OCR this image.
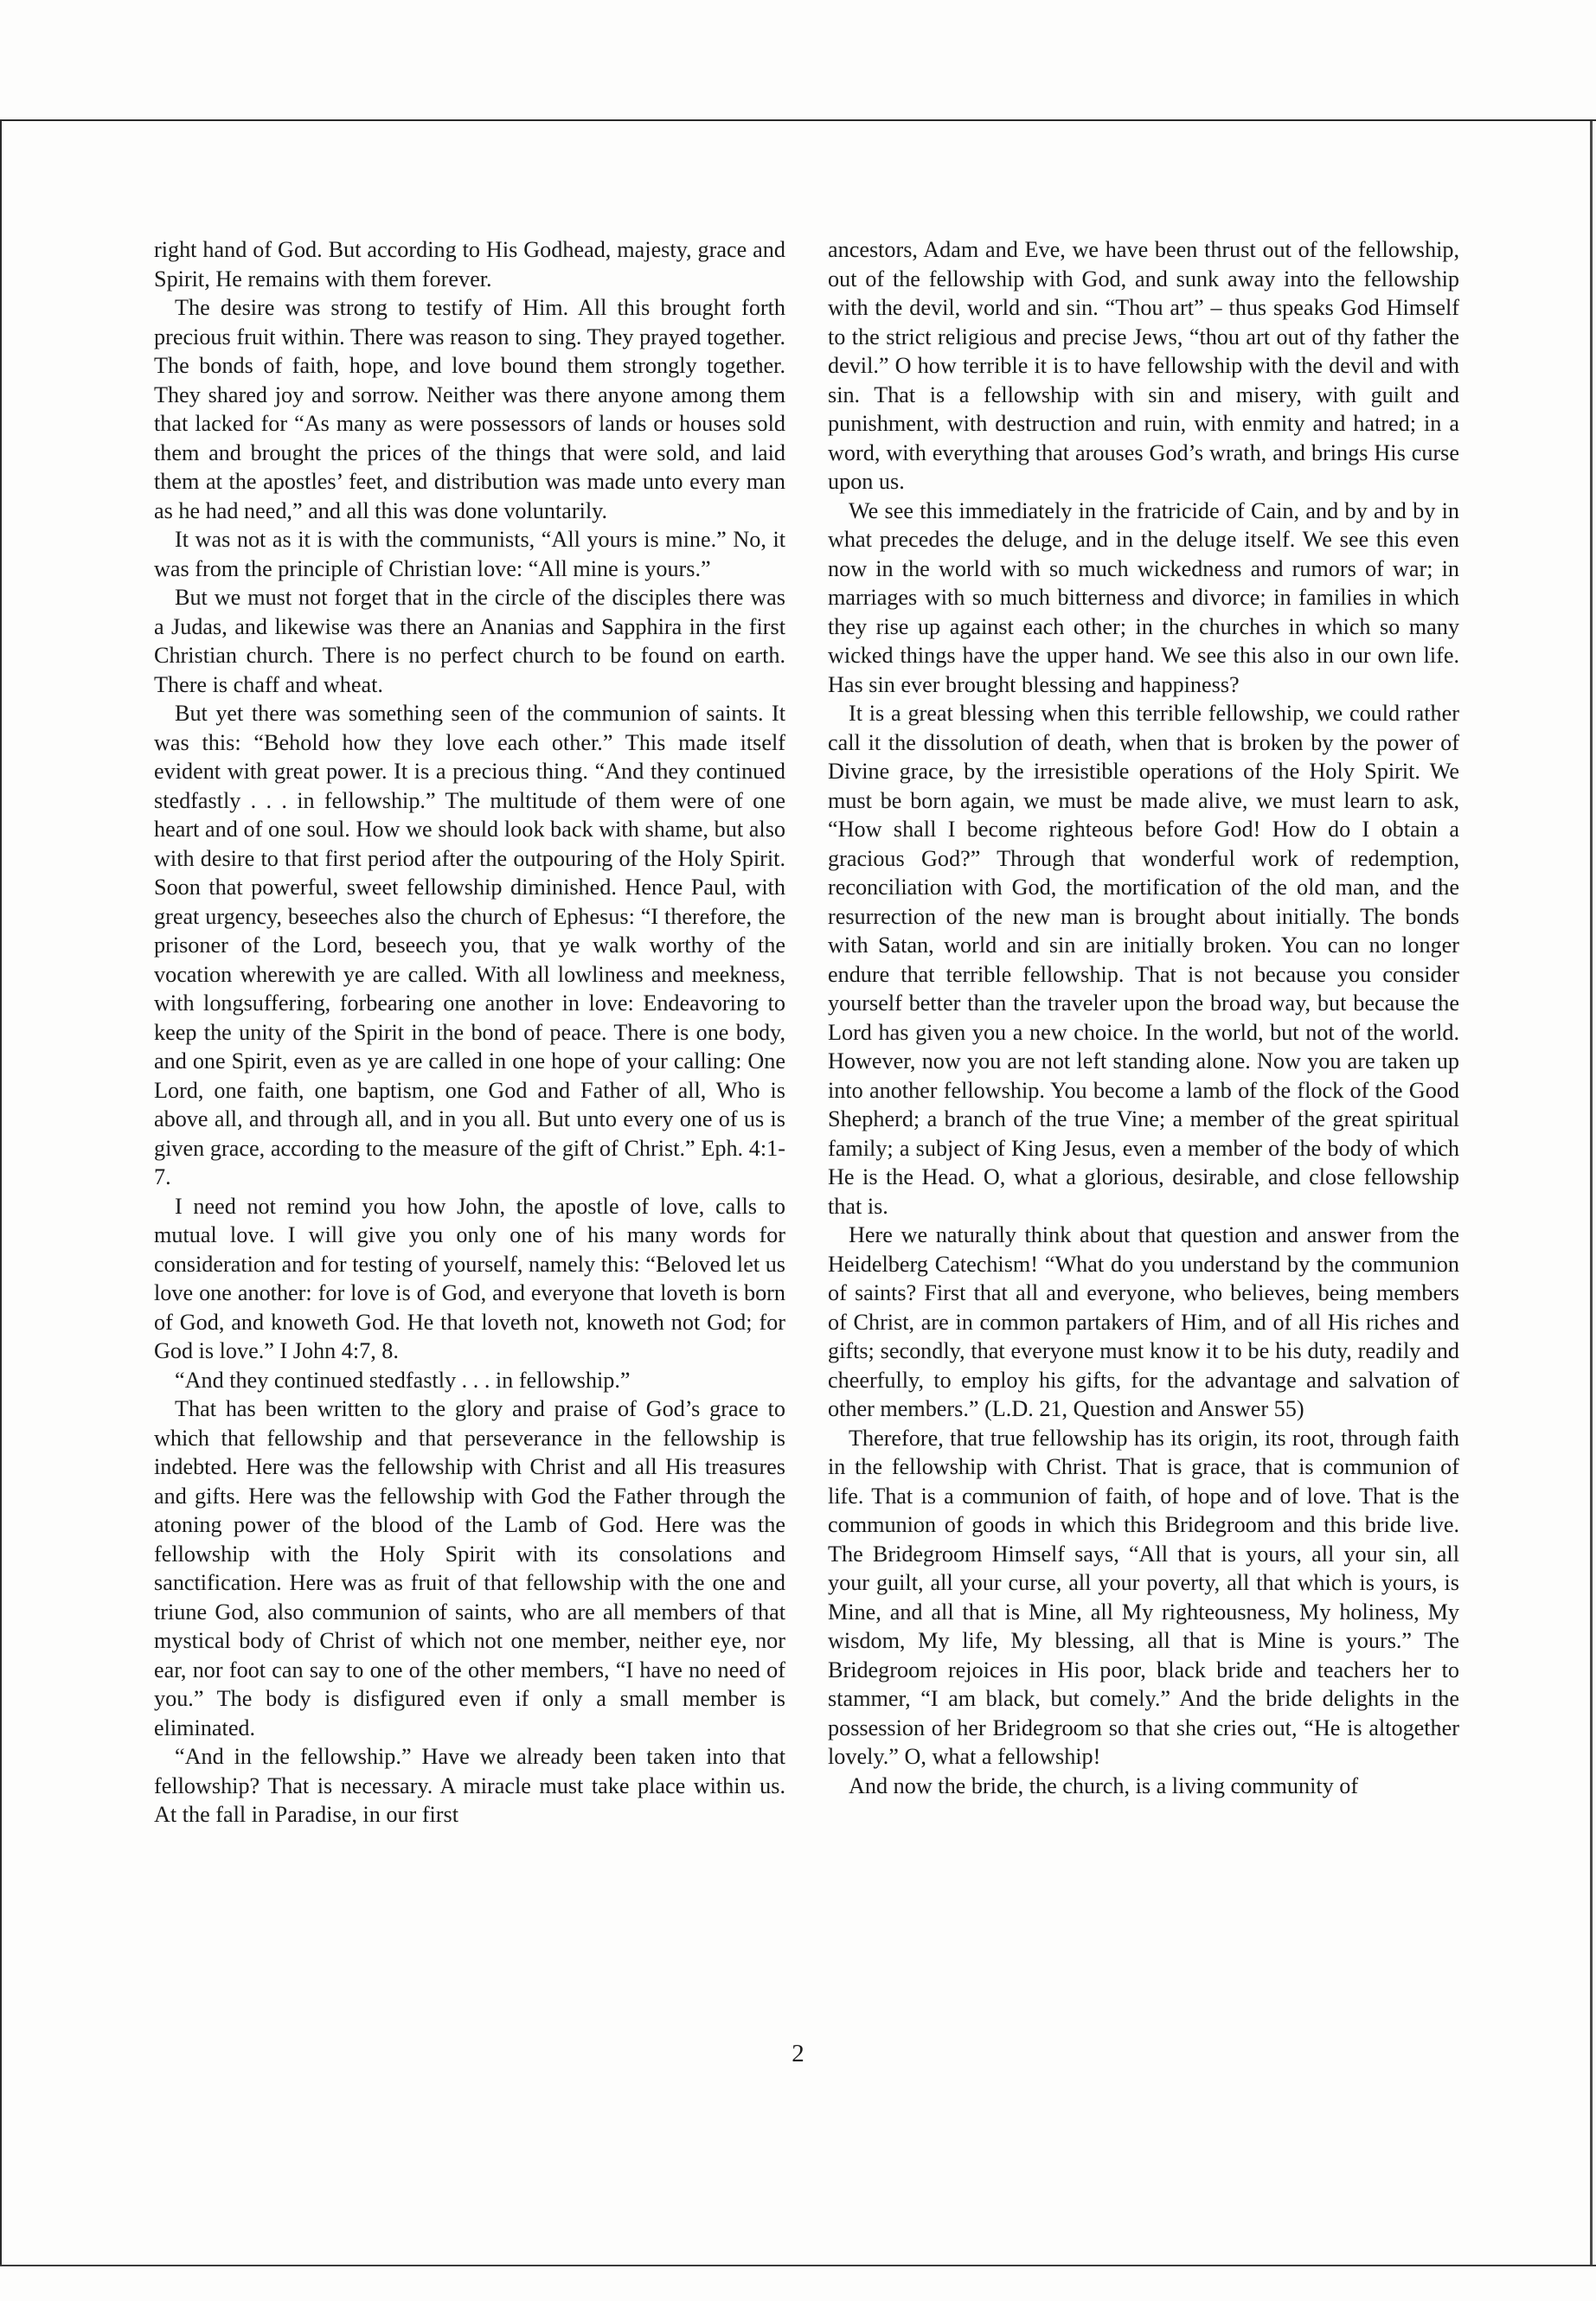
right hand of God. But according to His Godhead, majesty, grace and Spirit, He remains with them forever.

The desire was strong to testify of Him. All this brought forth precious fruit within. There was reason to sing. They prayed together. The bonds of faith, hope, and love bound them strongly together. They shared joy and sorrow. Neither was there anyone among them that lacked for “As many as were possessors of lands or houses sold them and brought the prices of the things that were sold, and laid them at the apostles’ feet, and distribution was made unto every man as he had need,” and all this was done voluntarily.

It was not as it is with the communists, “All yours is mine.” No, it was from the principle of Christian love: “All mine is yours.”

But we must not forget that in the circle of the disciples there was a Judas, and likewise was there an Ananias and Sapphira in the first Christian church. There is no perfect church to be found on earth. There is chaff and wheat.

But yet there was something seen of the communion of saints. It was this: “Behold how they love each other.” This made itself evident with great power. It is a precious thing. “And they continued stedfastly . . . in fellowship.” The multitude of them were of one heart and of one soul. How we should look back with shame, but also with desire to that first period after the outpouring of the Holy Spirit. Soon that powerful, sweet fellowship diminished. Hence Paul, with great urgency, beseeches also the church of Ephesus: “I therefore, the prisoner of the Lord, beseech you, that ye walk worthy of the vocation wherewith ye are called. With all lowliness and meekness, with longsuffering, forbearing one another in love: Endeavoring to keep the unity of the Spirit in the bond of peace. There is one body, and one Spirit, even as ye are called in one hope of your calling: One Lord, one faith, one baptism, one God and Father of all, Who is above all, and through all, and in you all. But unto every one of us is given grace, according to the measure of the gift of Christ.” Eph. 4:1-7.

I need not remind you how John, the apostle of love, calls to mutual love. I will give you only one of his many words for consideration and for testing of yourself, namely this: “Beloved let us love one another: for love is of God, and everyone that loveth is born of God, and knoweth God. He that loveth not, knoweth not God; for God is love.” I John 4:7, 8.

“And they continued stedfastly . . . in fellowship.”

That has been written to the glory and praise of God’s grace to which that fellowship and that perseverance in the fellowship is indebted. Here was the fellowship with Christ and all His treasures and gifts. Here was the fellowship with God the Father through the atoning power of the blood of the Lamb of God. Here was the fellowship with the Holy Spirit with its consolations and sanctification. Here was as fruit of that fellowship with the one and triune God, also communion of saints, who are all members of that mystical body of Christ of which not one member, neither eye, nor ear, nor foot can say to one of the other members, “I have no need of you.” The body is disfigured even if only a small member is eliminated.

“And in the fellowship.” Have we already been taken into that fellowship? That is necessary. A miracle must take place within us. At the fall in Paradise, in our first

ancestors, Adam and Eve, we have been thrust out of the fellowship, out of the fellowship with God, and sunk away into the fellowship with the devil, world and sin. “Thou art” – thus speaks God Himself to the strict religious and precise Jews, “thou art out of thy father the devil.” O how terrible it is to have fellowship with the devil and with sin. That is a fellowship with sin and misery, with guilt and punishment, with destruction and ruin, with enmity and hatred; in a word, with everything that arouses God’s wrath, and brings His curse upon us.

We see this immediately in the fratricide of Cain, and by and by in what precedes the deluge, and in the deluge itself. We see this even now in the world with so much wickedness and rumors of war; in marriages with so much bitterness and divorce; in families in which they rise up against each other; in the churches in which so many wicked things have the upper hand. We see this also in our own life. Has sin ever brought blessing and happiness?

It is a great blessing when this terrible fellowship, we could rather call it the dissolution of death, when that is broken by the power of Divine grace, by the irresistible operations of the Holy Spirit. We must be born again, we must be made alive, we must learn to ask, “How shall I become righteous before God! How do I obtain a gracious God?” Through that wonderful work of redemption, reconciliation with God, the mortification of the old man, and the resurrection of the new man is brought about initially. The bonds with Satan, world and sin are initially broken. You can no longer endure that terrible fellowship. That is not because you consider yourself better than the traveler upon the broad way, but because the Lord has given you a new choice. In the world, but not of the world. However, now you are not left standing alone. Now you are taken up into another fellowship. You become a lamb of the flock of the Good Shepherd; a branch of the true Vine; a member of the great spiritual family; a subject of King Jesus, even a member of the body of which He is the Head. O, what a glorious, desirable, and close fellowship that is.

Here we naturally think about that question and answer from the Heidelberg Catechism! “What do you understand by the communion of saints? First that all and everyone, who believes, being members of Christ, are in common partakers of Him, and of all His riches and gifts; secondly, that everyone must know it to be his duty, readily and cheerfully, to employ his gifts, for the advantage and salvation of other members.” (L.D. 21, Question and Answer 55)

Therefore, that true fellowship has its origin, its root, through faith in the fellowship with Christ. That is grace, that is communion of life. That is a communion of faith, of hope and of love. That is the communion of goods in which this Bridegroom and this bride live. The Bridegroom Himself says, “All that is yours, all your sin, all your guilt, all your curse, all your poverty, all that which is yours, is Mine, and all that is Mine, all My righteousness, My holiness, My wisdom, My life, My blessing, all that is Mine is yours.” The Bridegroom rejoices in His poor, black bride and teachers her to stammer, “I am black, but comely.” And the bride delights in the possession of her Bridegroom so that she cries out, “He is altogether lovely.” O, what a fellowship!

And now the bride, the church, is a living community of

2
